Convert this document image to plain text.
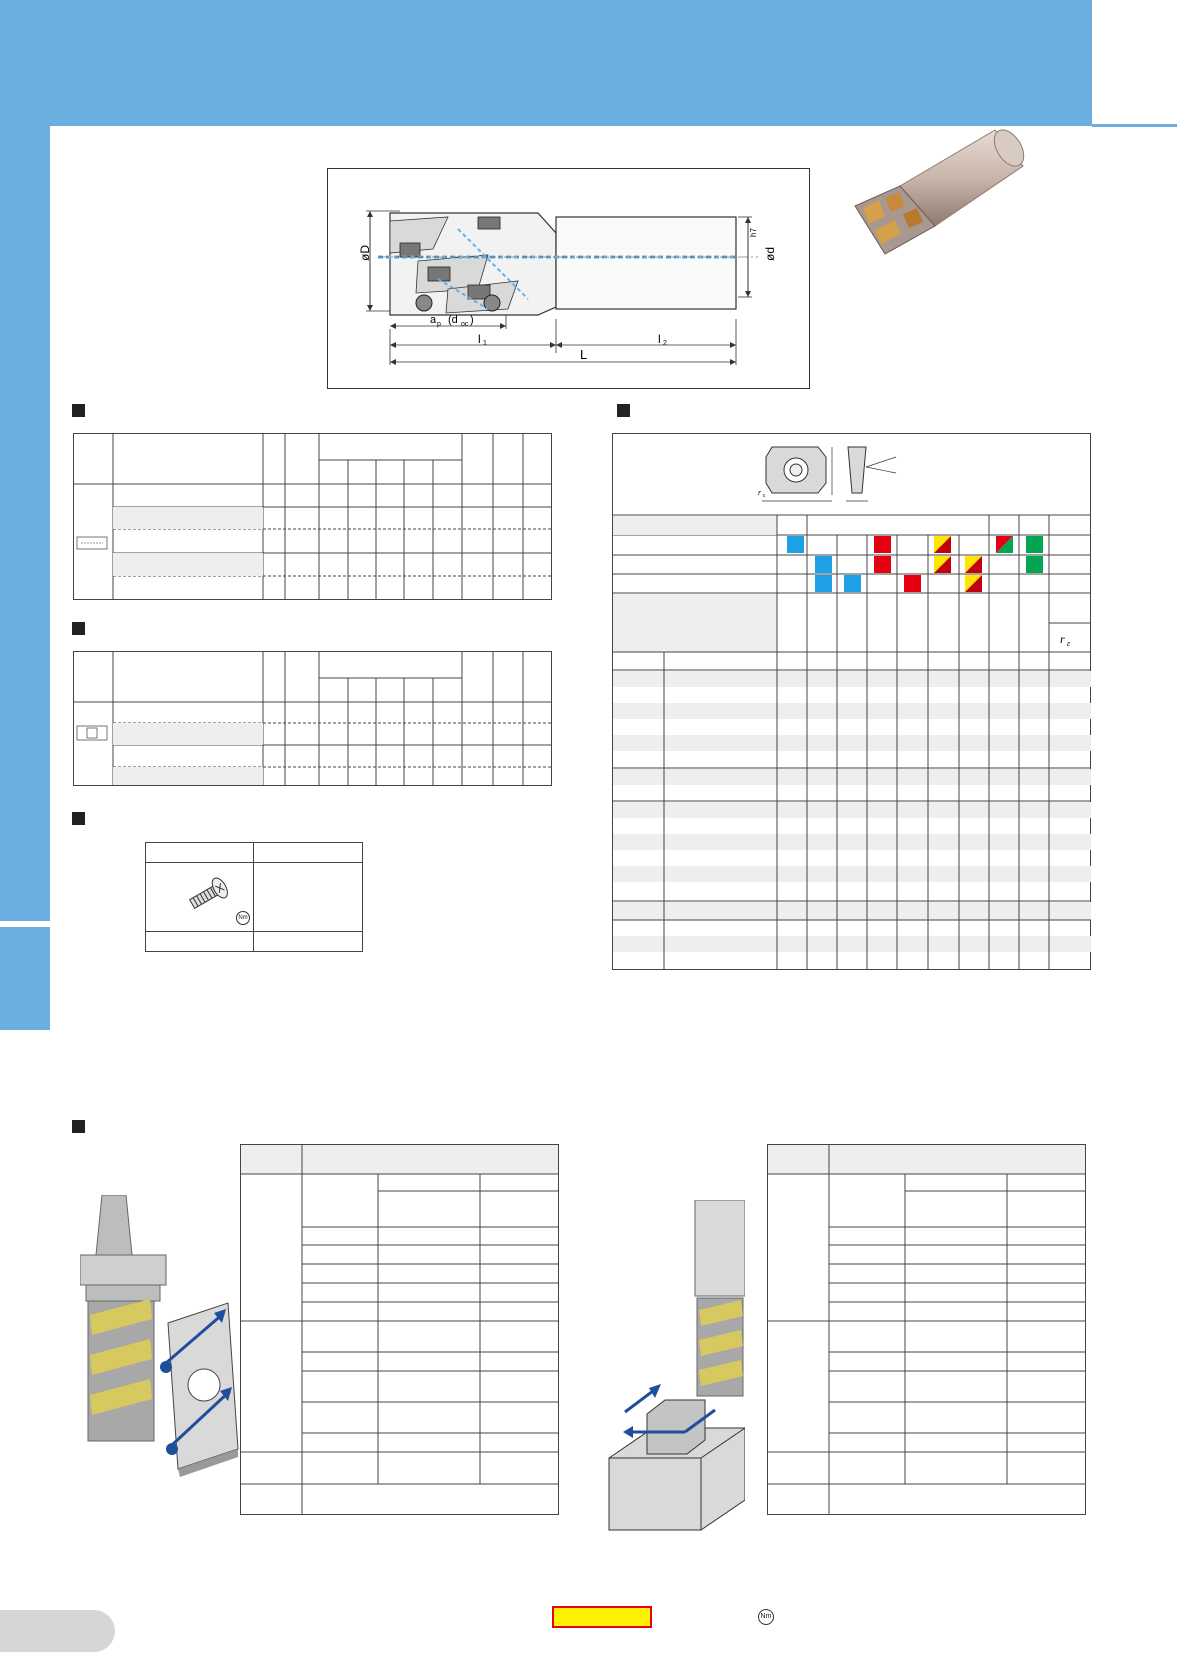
øD	ød
h7
a p (d oc )
l 1	l 2
L
Nm
r ε
r ε
Nm
